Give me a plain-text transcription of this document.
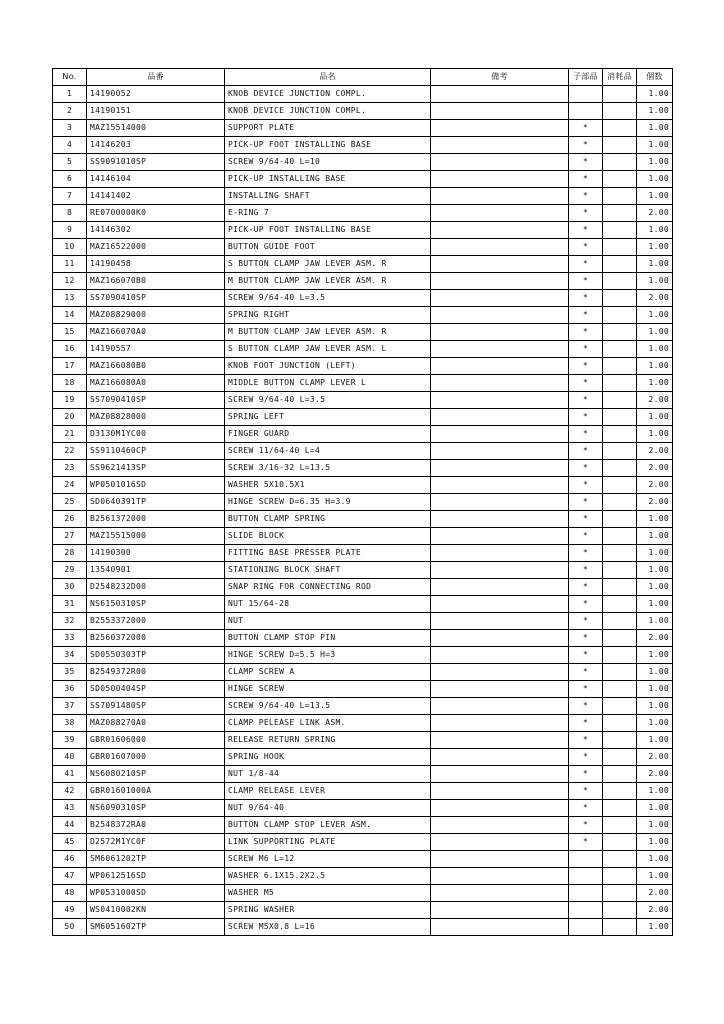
No.	品番	品名	備考	子部品	消耗品	個数
1	14190052	KNOB DEVICE JUNCTION COMPL.				1.00
2	14190151	KNOB DEVICE JUNCTION COMPL.				1.00
3	MAZ15514000	SUPPORT PLATE		*		1.00
4	14146203	PICK-UP FOOT INSTALLING BASE		*		1.00
5	SS9091010SP	SCREW 9/64-40 L=10		*		1.00
6	14146104	PICK-UP INSTALLING BASE		*		1.00
7	14141402	INSTALLING SHAFT		*		1.00
8	RE0700000K0	E-RING 7		*		2.00
9	14146302	PICK-UP FOOT INSTALLING BASE		*		1.00
10	MAZ16522000	BUTTON GUIDE FOOT		*		1.00
11	14190458	S BUTTON CLAMP JAW LEVER ASM. R		*		1.00
12	MAZ166070B0	M BUTTON CLAMP JAW LEVER ASM. R		*		1.00
13	SS7090410SP	SCREW 9/64-40 L=3.5		*		2.00
14	MAZ08829000	SPRING RIGHT		*		1.00
15	MAZ166070A0	M BUTTON CLAMP JAW LEVER ASM. R		*		1.00
16	14190557	S BUTTON CLAMP JAW LEVER ASM. L		*		1.00
17	MAZ166080B0	KNOB FOOT JUNCTION (LEFT)		*		1.00
18	MAZ166080A0	MIDDLE BUTTON CLAMP LEVER L		*		1.00
19	SS7090410SP	SCREW 9/64-40 L=3.5		*		2.00
20	MAZ08828000	SPRING LEFT		*		1.00
21	D3130M1YC00	FINGER GUARD		*		1.00
22	SS9110460CP	SCREW 11/64-40 L=4		*		2.00
23	SS9621413SP	SCREW 3/16-32 L=13.5		*		2.00
24	WP0501016SD	WASHER 5X10.5X1		*		2.00
25	SD0640391TP	HINGE SCREW D=6.35 H=3.9		*		2.00
26	B2561372000	BUTTON CLAMP SPRING		*		1.00
27	MAZ15515000	SLIDE BLOCK		*		1.00
28	14190300	FITTING BASE PRESSER PLATE		*		1.00
29	13540901	STATIONING BLOCK SHAFT		*		1.00
30	D2548232D00	SNAP RING FOR CONNECTING ROD		*		1.00
31	NS6150310SP	NUT 15/64-28		*		1.00
32	B2553372000	NUT		*		1.00
33	B2560372000	BUTTON CLAMP STOP PIN		*		2.00
34	SD0550303TP	HINGE SCREW D=5.5 H=3		*		1.00
35	B2549372R00	CLAMP SCREW A		*		1.00
36	SD0500404SP	HINGE SCREW		*		1.00
37	SS7091480SP	SCREW 9/64-40 L=13.5		*		1.00
38	MAZ088270A0	CLAMP PELEASE LINK ASM.		*		1.00
39	GBR01606000	RELEASE RETURN SPRING		*		1.00
40	GBR01607000	SPRING HOOK		*		2.00
41	NS6080210SP	NUT 1/8-44		*		2.00
42	GBR01601000A	CLAMP RELEASE LEVER		*		1.00
43	NS6090310SP	NUT 9/64-40		*		1.00
44	B2548372RA0	BUTTON CLAMP STOP LEVER ASM.		*		1.00
45	D2572M1YC0F	LINK SUPPORTING PLATE		*		1.00
46	SM6061202TP	SCREW M6 L=12				1.00
47	WP0612516SD	WASHER 6.1X15.2X2.5				1.00
48	WP0531000SD	WASHER M5				2.00
49	WS0410002KN	SPRING WASHER				2.00
50	SM6051602TP	SCREW M5X0.8 L=16				1.00
